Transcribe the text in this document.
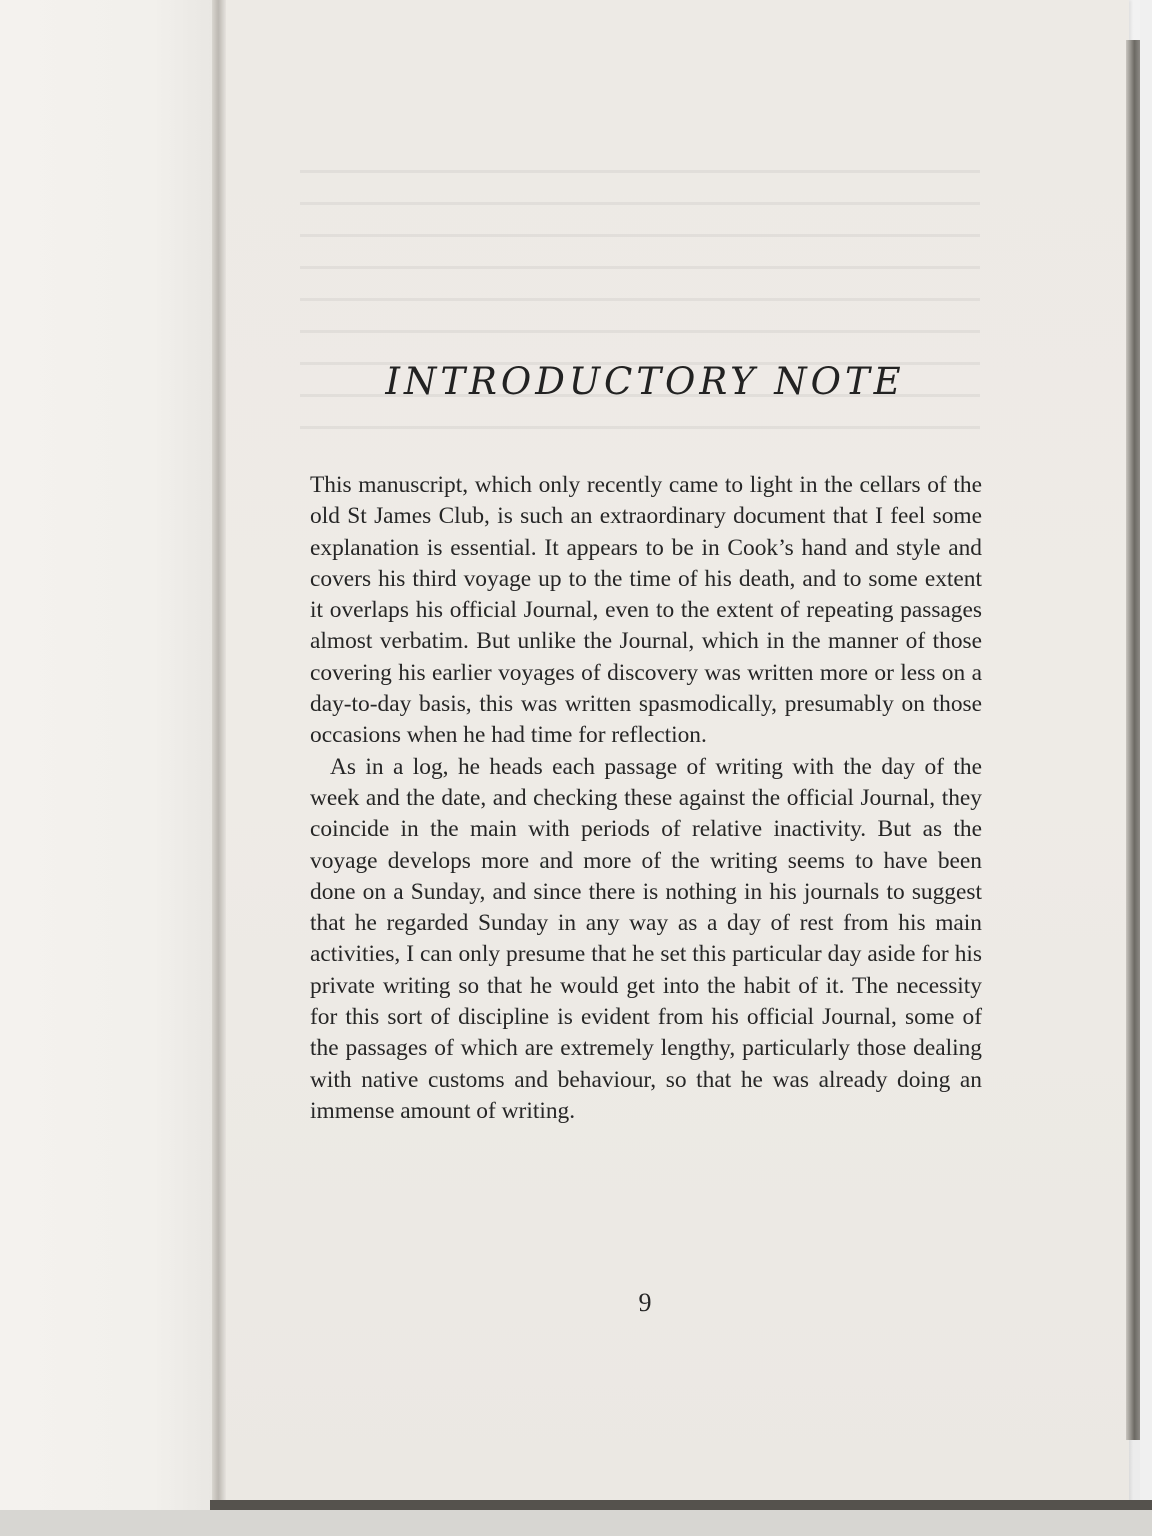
INTRODUCTORY NOTE

This manuscript, which only recently came to light in the cellars of the old St James Club, is such an extraordinary document that I feel some explanation is essential. It appears to be in Cook’s hand and style and covers his third voyage up to the time of his death, and to some extent it overlaps his official Journal, even to the extent of repeating passages almost verbatim. But unlike the Journal, which in the manner of those covering his earlier voyages of discovery was written more or less on a day-to-day basis, this was written spasmodically, presumably on those occasions when he had time for reflection.

As in a log, he heads each passage of writing with the day of the week and the date, and checking these against the official Journal, they coincide in the main with periods of relative inactivity. But as the voyage develops more and more of the writing seems to have been done on a Sunday, and since there is nothing in his journals to suggest that he regarded Sunday in any way as a day of rest from his main activities, I can only presume that he set this particular day aside for his private writing so that he would get into the habit of it. The necessity for this sort of discipline is evident from his official Journal, some of the passages of which are extremely lengthy, particularly those dealing with native customs and behaviour, so that he was already doing an immense amount of writing.

9
